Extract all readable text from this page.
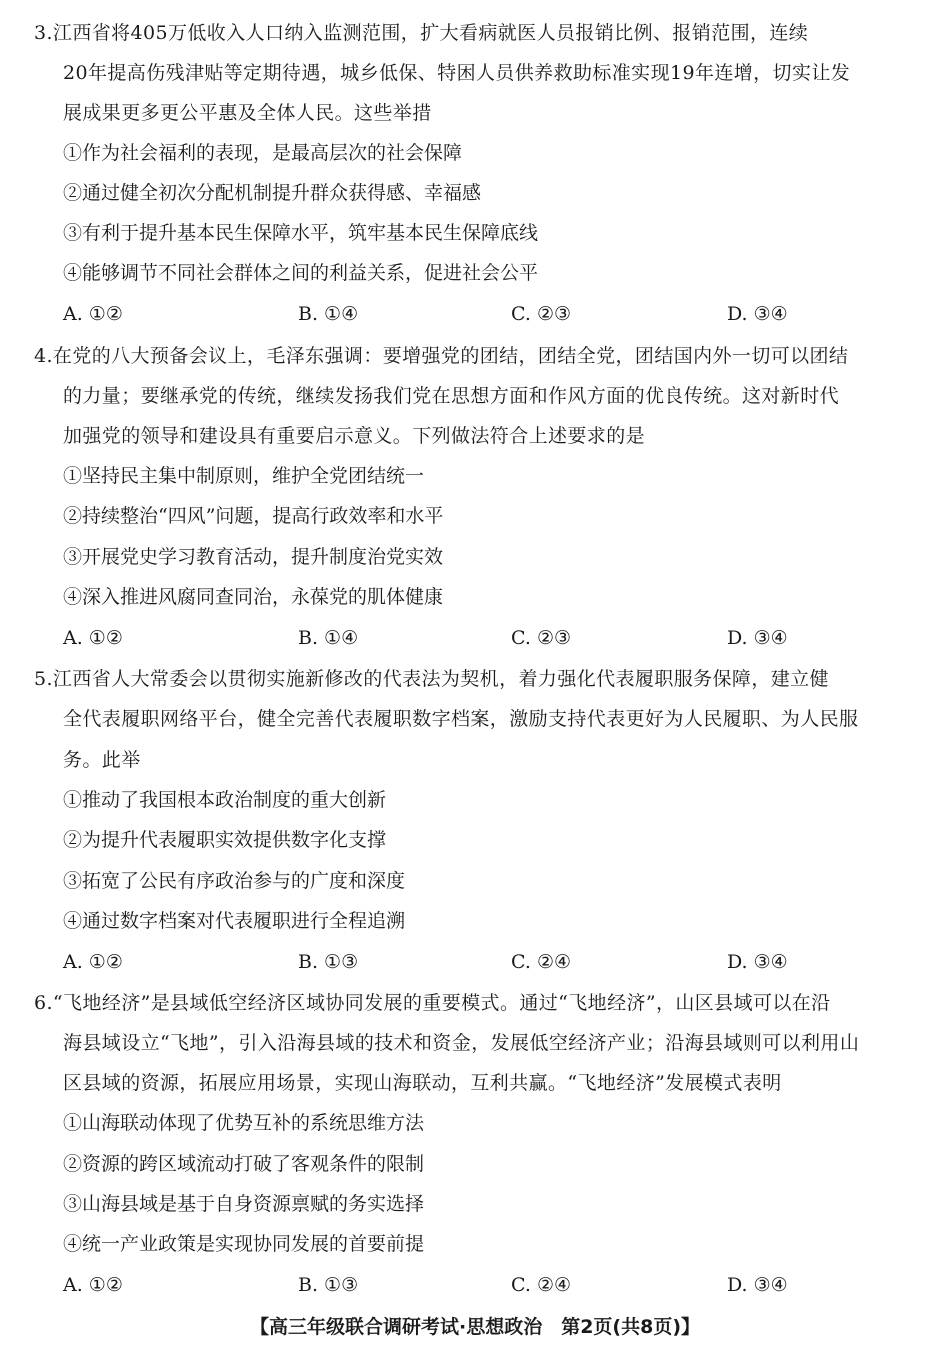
3.江西省将405万低收入人口纳入监测范围，扩大看病就医人员报销比例、报销范围，连续
20年提高伤残津贴等定期待遇，城乡低保、特困人员供养救助标准实现19年连增，切实让发
展成果更多更公平惠及全体人民。这些举措
①作为社会福利的表现，是最高层次的社会保障
②通过健全初次分配机制提升群众获得感、幸福感
③有利于提升基本民生保障水平，筑牢基本民生保障底线
④能够调节不同社会群体之间的利益关系，促进社会公平
A. ①②	B. ①④	C. ②③	D. ③④
4.在党的八大预备会议上，毛泽东强调：要增强党的团结，团结全党，团结国内外一切可以团结
的力量；要继承党的传统，继续发扬我们党在思想方面和作风方面的优良传统。这对新时代
加强党的领导和建设具有重要启示意义。下列做法符合上述要求的是
①坚持民主集中制原则，维护全党团结统一
②持续整治“四风”问题，提高行政效率和水平
③开展党史学习教育活动，提升制度治党实效
④深入推进风腐同查同治，永葆党的肌体健康
A. ①②	B. ①④	C. ②③	D. ③④
5.江西省人大常委会以贯彻实施新修改的代表法为契机，着力强化代表履职服务保障，建立健
全代表履职网络平台，健全完善代表履职数字档案，激励支持代表更好为人民履职、为人民服
务。此举
①推动了我国根本政治制度的重大创新
②为提升代表履职实效提供数字化支撑
③拓宽了公民有序政治参与的广度和深度
④通过数字档案对代表履职进行全程追溯
A. ①②	B. ①③	C. ②④	D. ③④
6.“飞地经济”是县域低空经济区域协同发展的重要模式。通过“飞地经济”，山区县域可以在沿
海县域设立“飞地”，引入沿海县域的技术和资金，发展低空经济产业；沿海县域则可以利用山
区县域的资源，拓展应用场景，实现山海联动，互利共赢。“飞地经济”发展模式表明
①山海联动体现了优势互补的系统思维方法
②资源的跨区域流动打破了客观条件的限制
③山海县域是基于自身资源禀赋的务实选择
④统一产业政策是实现协同发展的首要前提
A. ①②	B. ①③	C. ②④	D. ③④
【高三年级联合调研考试·思想政治　第2页(共8页)】
